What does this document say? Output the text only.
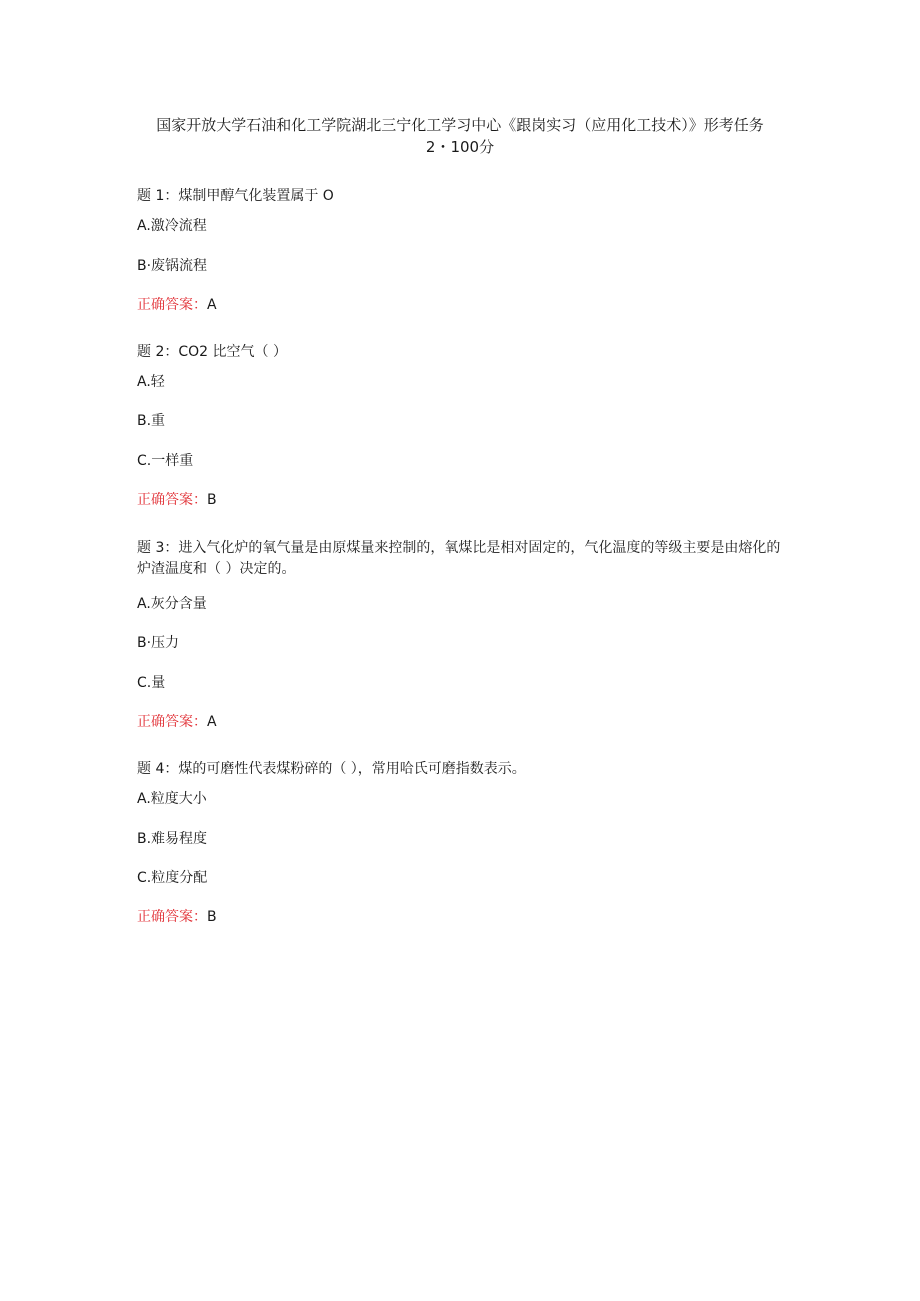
国家开放大学石油和化工学院湖北三宁化工学习中心《跟岗实习（应用化工技术）》形考任务
2・100分
题 1：煤制甲醇气化装置属于 O
A.激冷流程
B·废锅流程
正确答案：A
题 2：CO2 比空气（ ）
A.轻
B.重
C.一样重
正确答案：B
题 3：进入气化炉的氧气量是由原煤量来控制的，氧煤比是相对固定的，气化温度的等级主要是由熔化的炉渣温度和（ ）决定的。
A.灰分含量
B·压力
C.量
正确答案：A
题 4：煤的可磨性代表煤粉碎的（ ），常用哈氏可磨指数表示。
A.粒度大小
B.难易程度
C.粒度分配
正确答案：B
